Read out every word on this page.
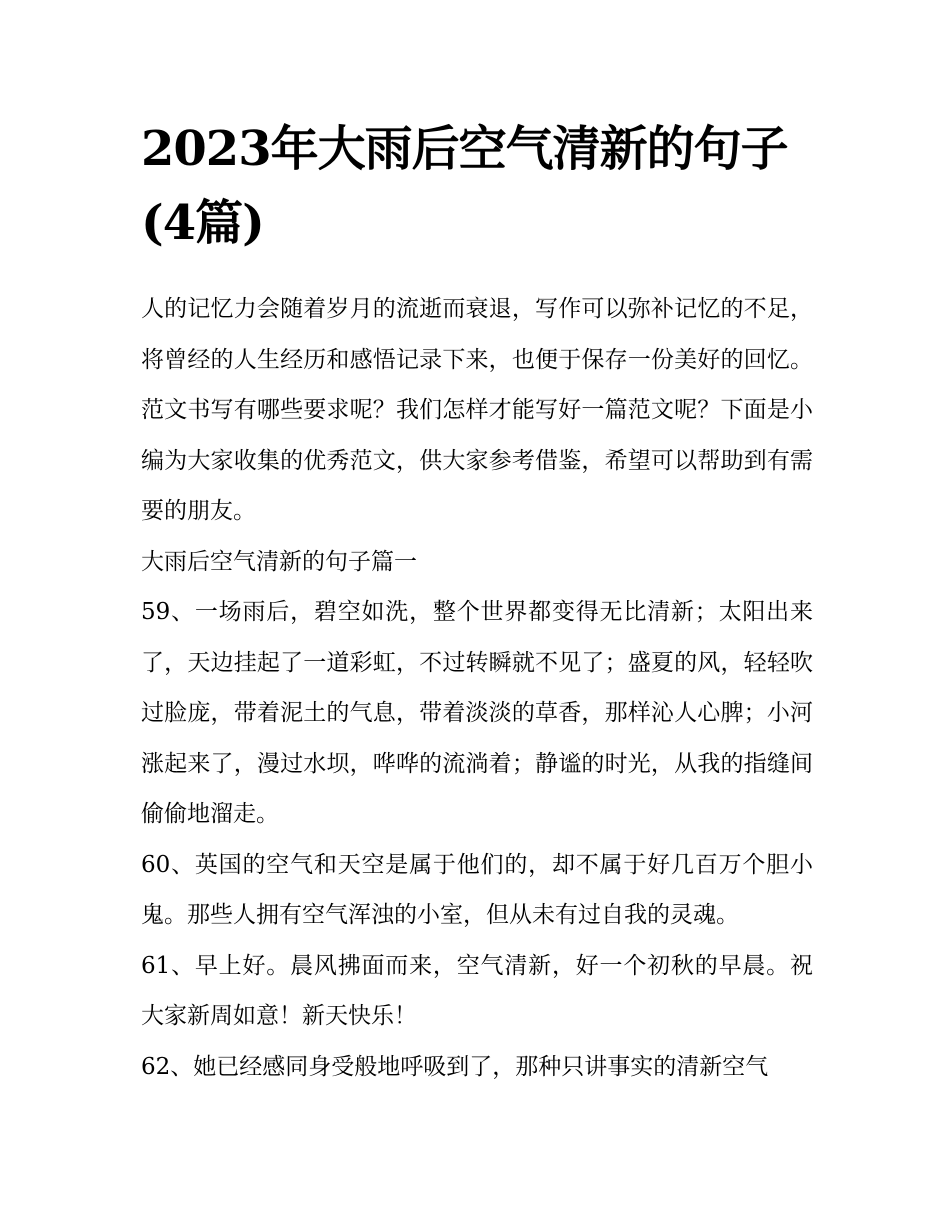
2023年大雨后空气清新的句子
(4篇)

人的记忆力会随着岁月的流逝而衰退，写作可以弥补记忆的不足，将曾经的人生经历和感悟记录下来，也便于保存一份美好的回忆。范文书写有哪些要求呢？我们怎样才能写好一篇范文呢？下面是小编为大家收集的优秀范文，供大家参考借鉴，希望可以帮助到有需要的朋友。

大雨后空气清新的句子篇一

59、一场雨后，碧空如洗，整个世界都变得无比清新；太阳出来了，天边挂起了一道彩虹，不过转瞬就不见了；盛夏的风，轻轻吹过脸庞，带着泥土的气息，带着淡淡的草香，那样沁人心脾；小河涨起来了，漫过水坝，哗哗的流淌着；静谧的时光，从我的指缝间偷偷地溜走。

60、英国的空气和天空是属于他们的，却不属于好几百万个胆小鬼。那些人拥有空气浑浊的小室，但从未有过自我的灵魂。

61、早上好。晨风拂面而来，空气清新，好一个初秋的早晨。祝大家新周如意！新天快乐！

62、她已经感同身受般地呼吸到了，那种只讲事实的清新空气
